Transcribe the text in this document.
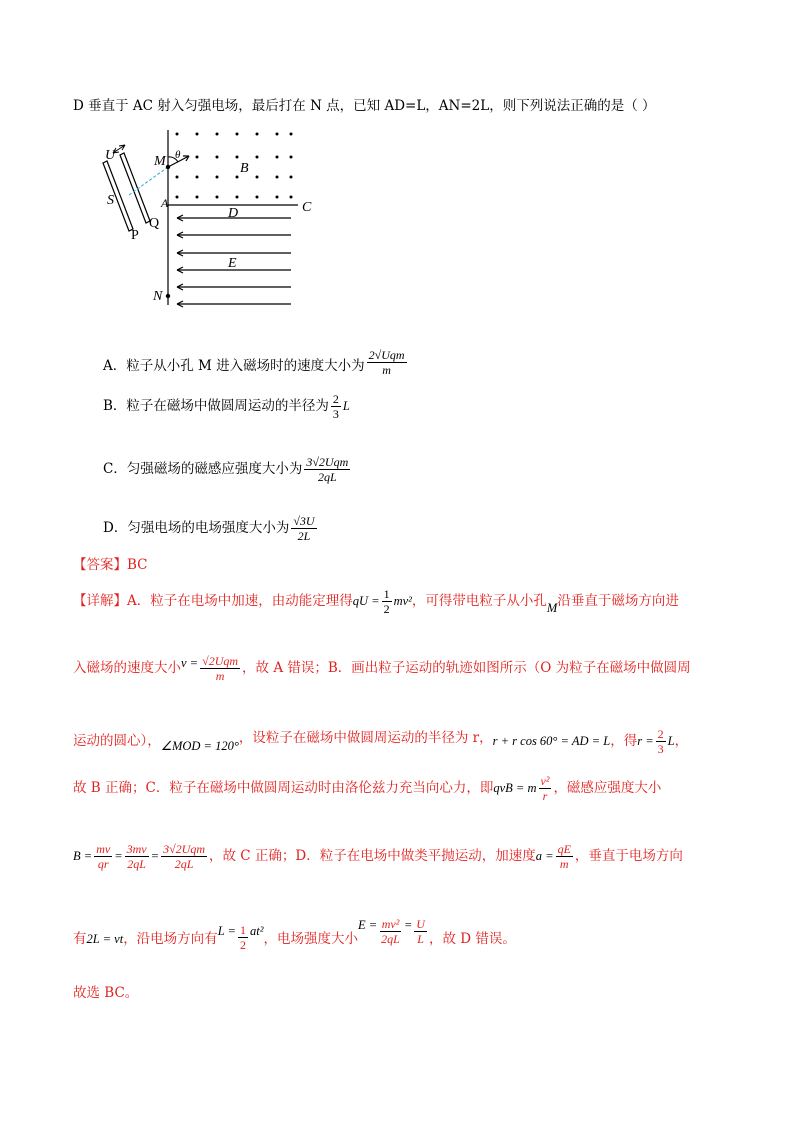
D 垂直于 AC 射入匀强电场，最后打在 N 点，已知 AD=L，AN=2L，则下列说法正确的是（ ）
U	M θ
B
S	A
Q
D	C
P
E
N
A．粒子从小孔 M 进入磁场时的速度大小为 $\frac{\text{2√Uqm}}{m}$
B．粒子在磁场中做圆周运动的半径为 $\frac{2}{3}$ L
C．匀强磁场的磁感应强度大小为 $\frac{\text{3√2Uqm}}{2qL}$
D．匀强电场的电场强度大小为 $\frac{√3U}{2L}$
【答案】BC
【详解】 A．粒子在电场中加速，由动能定理得 qU = $\frac{1}{2} mv^2$ ，可得带电粒子从小孔 M 沿垂直于磁场方向进
入磁场的速度大小 $v = \frac{\text{√2Uqm}}{m}$ ，故 A 错误；B．画出粒子运动的轨迹如图所示（O 为粒子在磁场中做圆周
运动的圆心）， ∠MOD = 120° ，设粒子在磁场中做圆周运动的半径为 r， r + r cos 60° = AD = L ，得 $r = \frac{2}{3}$ L ，
故 B 正确；C．粒子在磁场中做圆周运动时由洛伦兹力充当向心力，即 qvB = m $\frac{\text{v²}}{r}$ ，磁感应强度大小
$B = \frac{mv}{qr} = \frac{3mv}{2qL} = \frac{\text{3√2Uqm}}{2qL}$ ，故 C 正确；D．粒子在电场中做类平抛运动，加速度 $a = \frac{qE}{m}$ ，垂直于电场方向
有 2L = vt ，沿电场方向有 $L = \frac{1}{2} at^2$ ，电场强度大小
$E = \frac{\text{mv²}}{2qL} = \frac{U}{L}$ ，故 D 错误。
故选 BC。
